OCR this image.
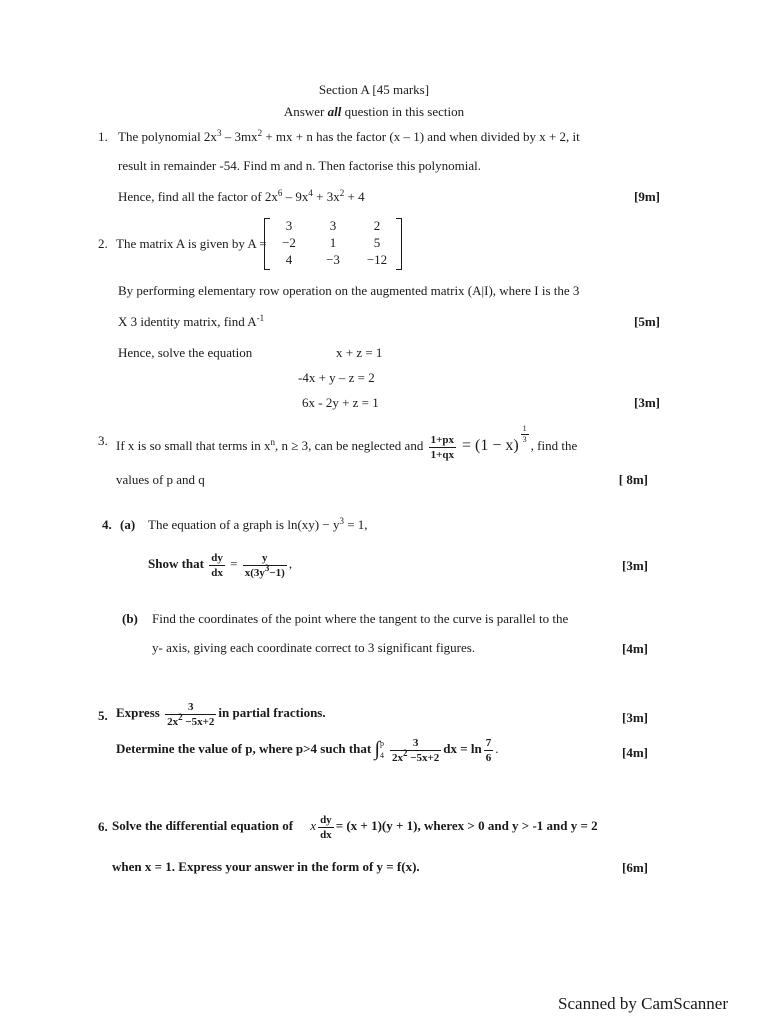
Section A [45 marks]
Answer all question in this section
1. The polynomial $2x^3 - 3mx^2$ + mx + n has the factor (x – 1) and when divided by x + 2, it
result in remainder -54. Find m and n. Then factorise this polynomial.
Hence, find all the factor of $2x^6 - 9x^4 + 3x^2 + 4$	[9m]
2. The matrix A is given by A =
3	3	2
−2	1	5
4	−3	−12
By performing elementary row operation on the augmented matrix (A|I), where I is the 3
X 3 identity matrix, find $A^{-1}$	[5m]
Hence, solve the equation	x + z = 1
-4x + y – z = 2
6x - 2y + z = 1	[3m]
3. If x is so small that terms in $x^n$, n ≥ 3, can be neglected and $\frac{1+px}{1+qx} = (1 - x)$
$\frac{1}{3}$
, find the
values of p and q	[ 8m]
4. (a) The equation of a graph is $\ln(xy) - y^3 = 1$,
Show that $\frac{dy}{dx} = \frac{y}{x(3y^3-1)}$ ,	[3m]
(b) Find the coordinates of the point where the tangent to the curve is parallel to the
y- axis, giving each coordinate correct to 3 significant figures.	[4m]
5. Express $\frac{3}{2x^2 -5x+2}$ in partial fractions.	[3m]
Determine the value of p, where p>4 such that ∫ p
$4 \frac{3}{2x^2 -5x+2}$ dx = $\ln \frac{7}{6}$ .	[4m]
6. Solve the differential equation of x $\frac{dy}{dx} = (x + 1)(y + 1)$, wherex > 0 and y > -1 and y = 2
when x = 1. Express your answer in the form of y = f(x).	[6m]
Scanned by CamScanner
